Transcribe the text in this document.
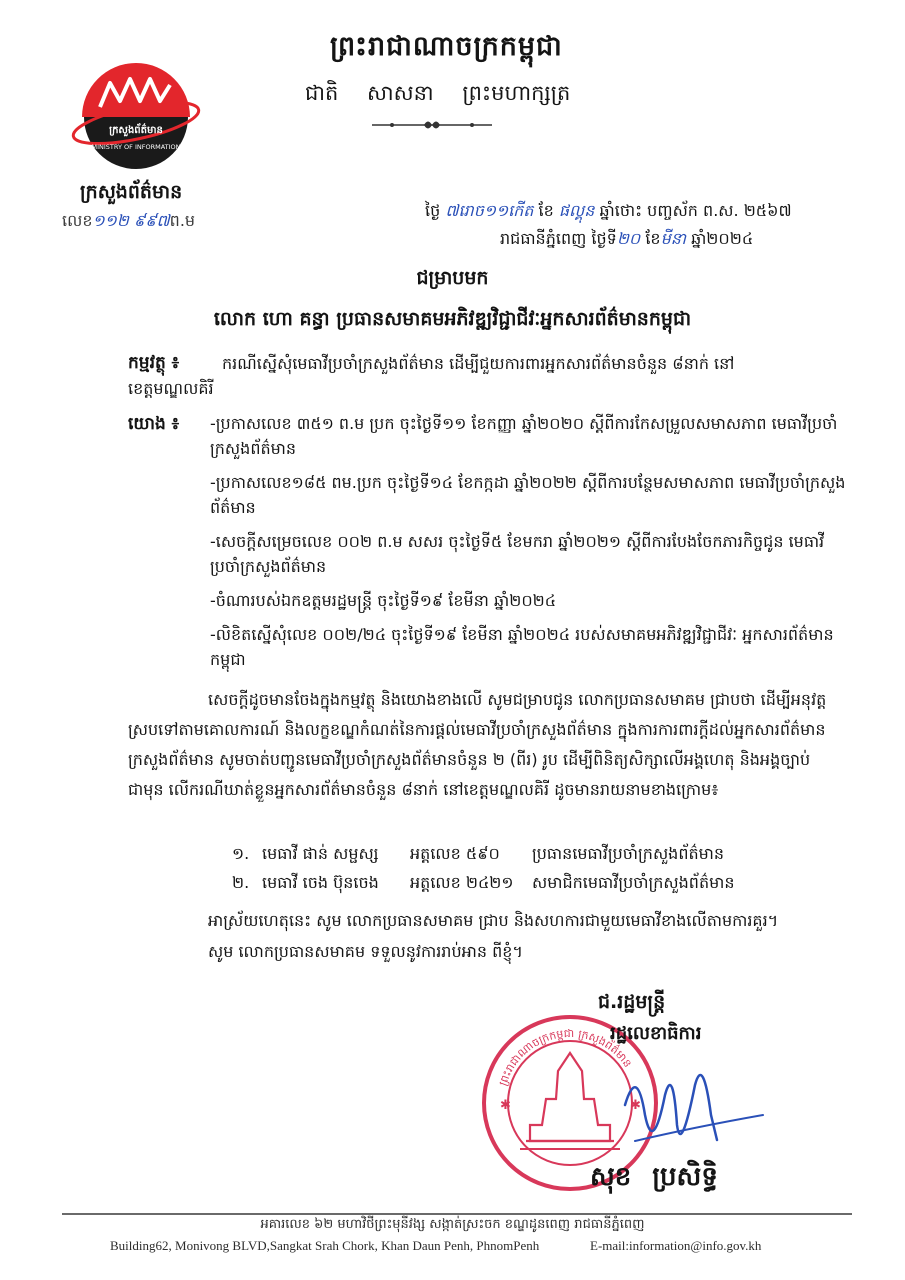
ព្រះរាជាណាចក្រកម្ពុជា
ជាតិ សាសនា ព្រះមហាក្សត្រ
ក្រសួងព័ត៌មាន
MINISTRY OF INFORMATION
ក្រសួងព័ត៌មាន
លេខ១១២ ៩៩៧ព.ម
ថ្ងៃ ៧រោច១១កើត ខែ ផល្គុន ឆ្នាំថោះ បញ្ចស័ក ព.ស. ២៥៦៧
រាជធានីភ្នំពេញ ថ្ងៃទី២០ ខែមីនា ឆ្នាំ២០២៤
ជម្រាបមក
លោក ហោ គន្ធា ប្រធានសមាគមអភិវឌ្ឍវិជ្ជាជីវៈអ្នកសារព័ត៌មានកម្ពុជា
កម្មវត្ថុ ៖	ករណីស្នើសុំមេធាវីប្រចាំក្រសួងព័ត៌មាន ដើម្បីជួយការពារអ្នកសារព័ត៌មានចំនួន ៨នាក់ នៅ
ខេត្តមណ្ឌលគិរី
យោង ៖ -ប្រកាសលេខ ៣៥១ ព.ម ប្រក ចុះថ្ងៃទី១១ ខែកញ្ញា ឆ្នាំ២០២០ ស្តីពីការកែសម្រួលសមាសភាព មេធាវីប្រចាំក្រសួងព័ត៌មាន
-ប្រកាសលេខ១៨៥ ពម.ប្រក ចុះថ្ងៃទី១៤ ខែកក្កដា ឆ្នាំ២០២២ ស្តីពីការបន្ថែមសមាសភាព មេធាវីប្រចាំក្រសួងព័ត៌មាន
-សេចក្តីសម្រេចលេខ ០០២ ព.ម សសរ ចុះថ្ងៃទី៥ ខែមករា ឆ្នាំ២០២១ ស្តីពីការបែងចែកភារកិច្ចជូន មេធាវីប្រចាំក្រសួងព័ត៌មាន
-ចំណារបស់ឯកឧត្តមរដ្ឋមន្ត្រី ចុះថ្ងៃទី១៩ ខែមីនា ឆ្នាំ២០២៤
-លិខិតស្នើសុំលេខ ០០២/២៤ ចុះថ្ងៃទី១៩ ខែមីនា ឆ្នាំ២០២៤ របស់សមាគមអភិវឌ្ឍវិជ្ជាជីវៈ អ្នកសារព័ត៌មានកម្ពុជា
សេចក្តីដូចមានចែងក្នុងកម្មវត្ថុ និងយោងខាងលើ សូមជម្រាបជូន លោកប្រធានសមាគម ជ្រាបថា ដើម្បីអនុវត្តស្របទៅតាមគោលការណ៍ និងលក្ខខណ្ឌកំណត់នៃការផ្តល់មេធាវីប្រចាំក្រសួងព័ត៌មាន ក្នុងការការពារក្តីដល់អ្នកសារព័ត៌មាន ក្រសួងព័ត៌មាន សូមចាត់បញ្ជូនមេធាវីប្រចាំក្រសួងព័ត៌មានចំនួន ២ (ពីរ) រូប ដើម្បីពិនិត្យសិក្សាលើអង្គហេតុ និងអង្គច្បាប់ជាមុន លើករណីឃាត់ខ្លួនអ្នកសារព័ត៌មានចំនួន ៨នាក់ នៅខេត្តមណ្ឌលគិរី ដូចមានរាយនាមខាងក្រោម៖
១. មេធាវី ផាន់ សម្ផស្ស អត្តលេខ ៥៩០ ប្រធានមេធាវីប្រចាំក្រសួងព័ត៌មាន
២. មេធាវី ចេង ប៊ុនចេង អត្តលេខ ២៤២១ សមាជិកមេធាវីប្រចាំក្រសួងព័ត៌មាន
អាស្រ័យហេតុនេះ សូម លោកប្រធានសមាគម ជ្រាប និងសហការជាមួយមេធាវីខាងលើតាមការគួរ។
សូម លោកប្រធានសមាគម ទទួលនូវការរាប់អាន ពីខ្ញុំ។
✱	✱
ព្រះរាជាណាចក្រកម្ពុជា ក្រសួងព័ត៌មាន
ជ.រដ្ឋមន្ត្រី
រដ្ឋលេខាធិការ
សុខ ប្រសិទ្ធិ
អគារលេខ ៦២ មហាវិថីព្រះមុនីវង្ស សង្កាត់ស្រះចក ខណ្ឌដូនពេញ រាជធានីភ្នំពេញ
Building62, Monivong BLVD,Sangkat Srah Chork, Khan Daun Penh, PhnomPenh	E-mail:information@info.gov.kh
